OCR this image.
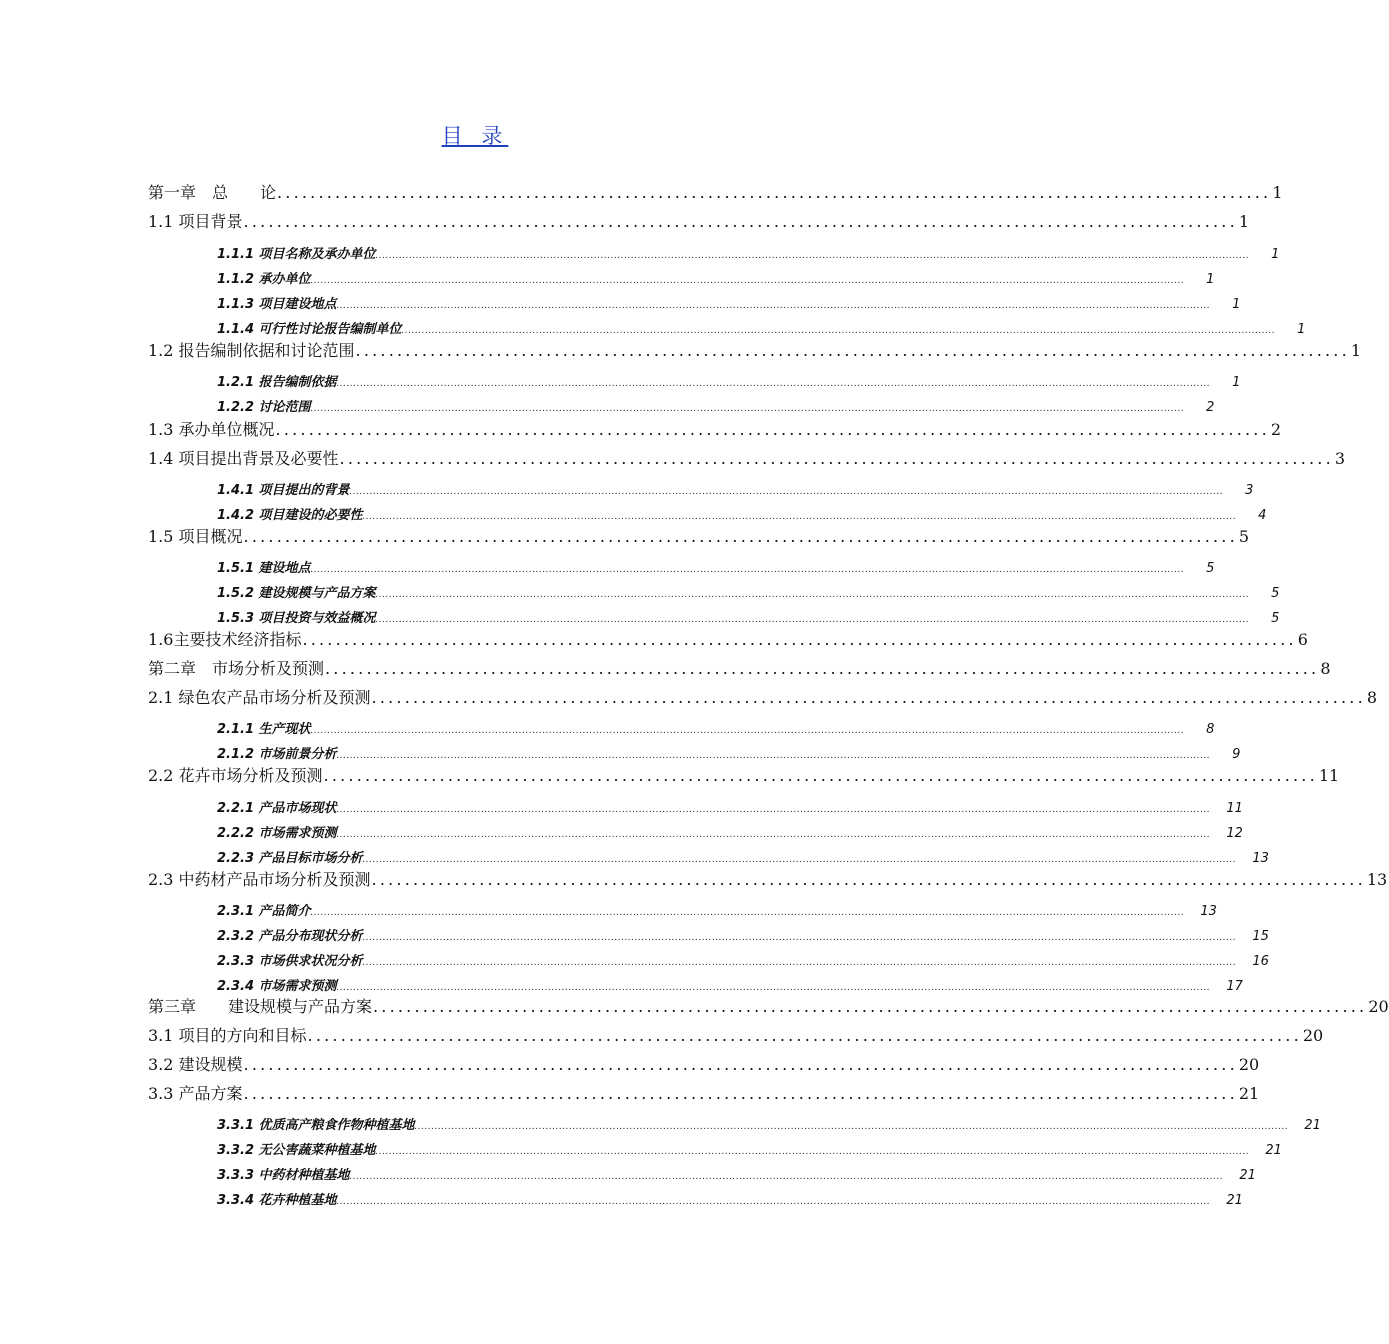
目 录
第一章　总　　论 ........................................................................................................................ 1
1.1 项目背景 ........................................................................................................................ 1
1.1.1 项目名称及承办单位 ....................................................................................................................................................................................................................................................................	1
1.1.2 承办单位 ....................................................................................................................................................................................................................................................................	1
1.1.3 项目建设地点 ....................................................................................................................................................................................................................................................................	1
1.1.4 可行性讨论报告编制单位 ....................................................................................................................................................................................................................................................................	1
1.2 报告编制依据和讨论范围 ........................................................................................................................ 1
1.2.1 报告编制依据 ....................................................................................................................................................................................................................................................................	1
1.2.2 讨论范围 ....................................................................................................................................................................................................................................................................	2
1.3 承办单位概况 ........................................................................................................................ 2
1.4 项目提出背景及必要性 ........................................................................................................................ 3
1.4.1 项目提出的背景 ....................................................................................................................................................................................................................................................................	3
1.4.2 项目建设的必要性 ....................................................................................................................................................................................................................................................................	4
1.5 项目概况 ........................................................................................................................ 5
1.5.1 建设地点 ....................................................................................................................................................................................................................................................................	5
1.5.2 建设规模与产品方案 ....................................................................................................................................................................................................................................................................	5
1.5.3 项目投资与效益概况 ....................................................................................................................................................................................................................................................................	5
1.6主要技术经济指标 ........................................................................................................................ 6
第二章　市场分析及预测 ........................................................................................................................ 8
2.1 绿色农产品市场分析及预测 ........................................................................................................................ 8
2.1.1 生产现状 ....................................................................................................................................................................................................................................................................	8
2.1.2 市场前景分析 ....................................................................................................................................................................................................................................................................	9
2.2 花卉市场分析及预测 ........................................................................................................................ 11
2.2.1 产品市场现状 .................................................................................................................................................................................................................................................................... 11
2.2.2 市场需求预测 .................................................................................................................................................................................................................................................................... 12
2.2.3 产品目标市场分析 .................................................................................................................................................................................................................................................................... 13
2.3 中药材产品市场分析及预测 ........................................................................................................................ 13
2.3.1 产品简介 .................................................................................................................................................................................................................................................................... 13
2.3.2 产品分布现状分析 .................................................................................................................................................................................................................................................................... 15
2.3.3 市场供求状况分析 .................................................................................................................................................................................................................................................................... 16
2.3.4 市场需求预测 .................................................................................................................................................................................................................................................................... 17
第三章　　建设规模与产品方案 ........................................................................................................................ 20
3.1 项目的方向和目标 ........................................................................................................................ 20
3.2 建设规模 ........................................................................................................................ 20
3.3 产品方案 ........................................................................................................................ 21
3.3.1 优质高产粮食作物种植基地 .................................................................................................................................................................................................................................................................... 21
3.3.2 无公害蔬菜种植基地 .................................................................................................................................................................................................................................................................... 21
3.3.3 中药材种植基地 .................................................................................................................................................................................................................................................................... 21
3.3.4 花卉种植基地 .................................................................................................................................................................................................................................................................... 21
